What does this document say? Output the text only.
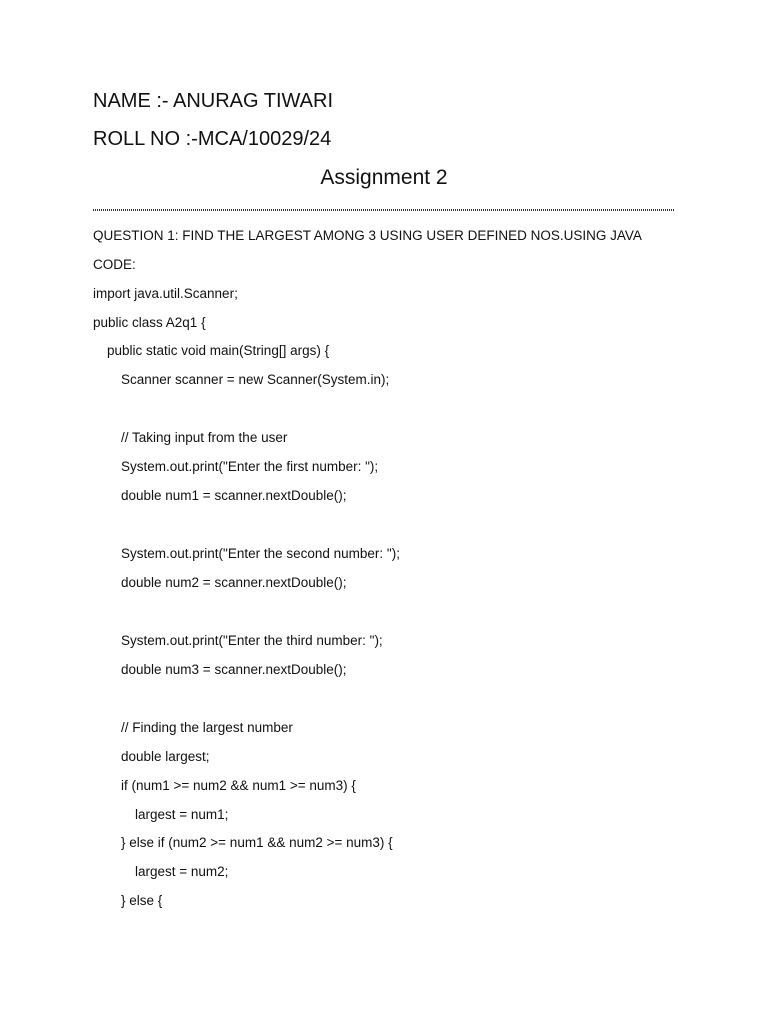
NAME :- ANURAG TIWARI
ROLL NO :-MCA/10029/24
Assignment 2
QUESTION 1: FIND THE LARGEST AMONG 3 USING USER DEFINED NOS.USING JAVA
CODE:
import java.util.Scanner;
public class A2q1 {
public static void main(String[] args) {
Scanner scanner = new Scanner(System.in);
// Taking input from the user
System.out.print("Enter the first number: ");
double num1 = scanner.nextDouble();
System.out.print("Enter the second number: ");
double num2 = scanner.nextDouble();
System.out.print("Enter the third number: ");
double num3 = scanner.nextDouble();
// Finding the largest number
double largest;
if (num1 >= num2 && num1 >= num3) {
largest = num1;
} else if (num2 >= num1 && num2 >= num3) {
largest = num2;
} else {
